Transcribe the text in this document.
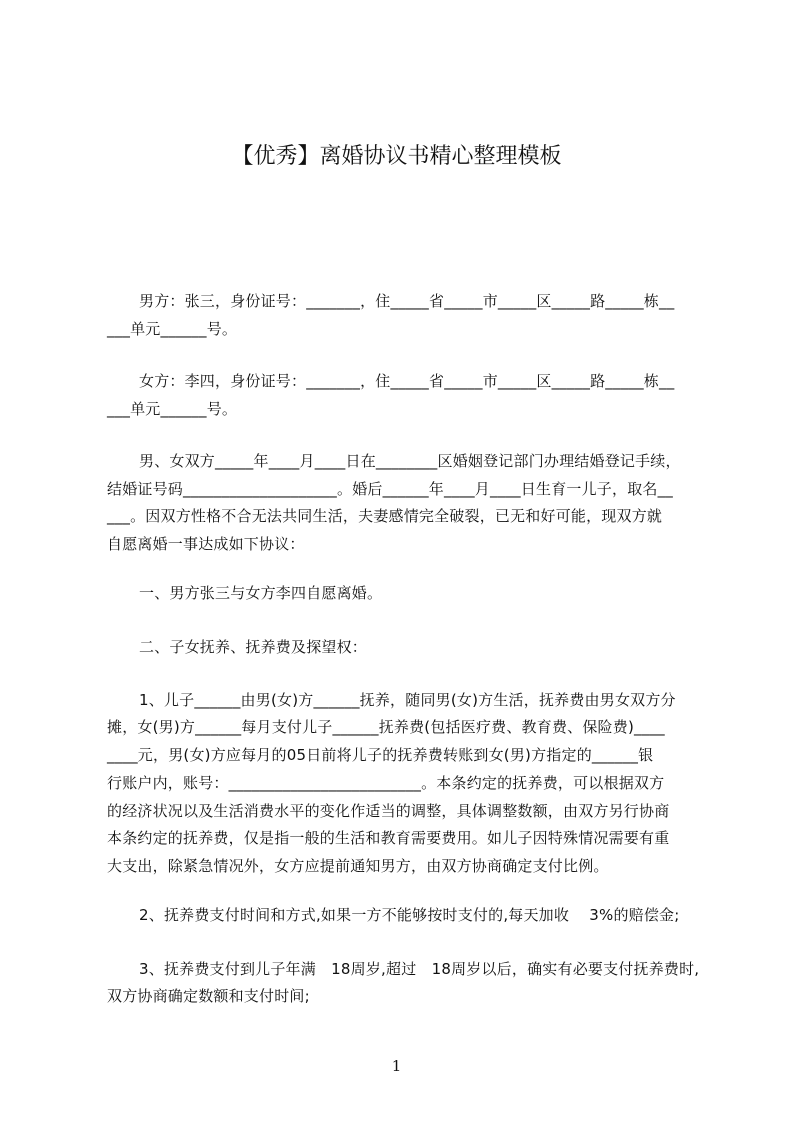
【优秀】离婚协议书精心整理模板
男方：张三，身份证号：_______，住_____省_____市_____区_____路_____栋__
___单元______号。
女方：李四，身份证号：_______，住_____省_____市_____区_____路_____栋__
___单元______号。
男、女双方_____年____月____日在________区婚姻登记部门办理结婚登记手续，
结婚证号码____________________。婚后______年____月____日生育一儿子，取名__
___。因双方性格不合无法共同生活，夫妻感情完全破裂，已无和好可能，现双方就
自愿离婚一事达成如下协议：
一、男方张三与女方李四自愿离婚。
二、子女抚养、抚养费及探望权：
1、儿子______由男(女)方______抚养，随同男(女)方生活，抚养费由男女双方分
摊，女(男)方______每月支付儿子______抚养费(包括医疗费、教育费、保险费)____
____元，男(女)方应每月的05日前将儿子的抚养费转账到女(男)方指定的______银
行账户内，账号：_________________________。本条约定的抚养费，可以根据双方
的经济状况以及生活消费水平的变化作适当的调整，具体调整数额，由双方另行协商
本条约定的抚养费，仅是指一般的生活和教育需要费用。如儿子因特殊情况需要有重
大支出，除紧急情况外，女方应提前通知男方，由双方协商确定支付比例。
2、抚养费支付时间和方式,如果一方不能够按时支付的,每天加收　 3%的赔偿金;
3、抚养费支付到儿子年满　18周岁,超过　18周岁以后，确实有必要支付抚养费时,
双方协商确定数额和支付时间;
1
